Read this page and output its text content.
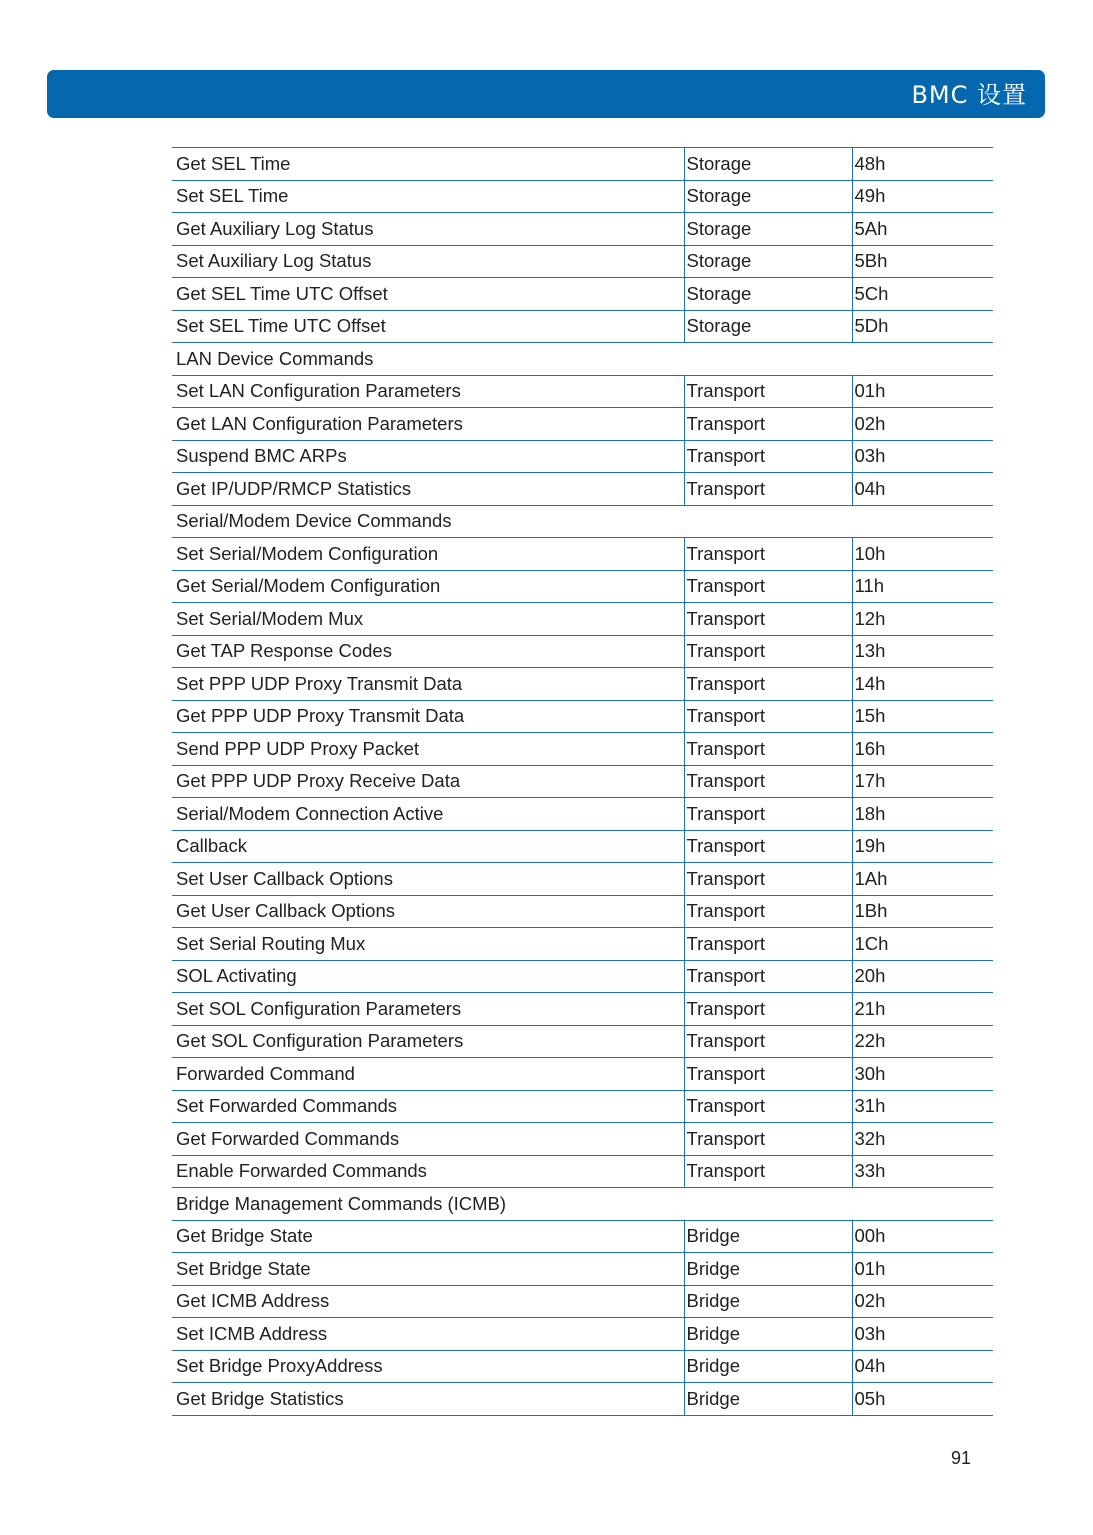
BMC 设置
Get SEL Time	Storage	48h
Set SEL Time	Storage	49h
Get Auxiliary Log Status	Storage	5Ah
Set Auxiliary Log Status	Storage	5Bh
Get SEL Time UTC Offset	Storage	5Ch
Set SEL Time UTC Offset	Storage	5Dh
LAN Device Commands		
Set LAN Configuration Parameters	Transport	01h
Get LAN Configuration Parameters	Transport	02h
Suspend BMC ARPs	Transport	03h
Get IP/UDP/RMCP Statistics	Transport	04h
Serial/Modem Device Commands		
Set Serial/Modem Configuration	Transport	10h
Get Serial/Modem Configuration	Transport	11h
Set Serial/Modem Mux	Transport	12h
Get TAP Response Codes	Transport	13h
Set PPP UDP Proxy Transmit Data	Transport	14h
Get PPP UDP Proxy Transmit Data	Transport	15h
Send PPP UDP Proxy Packet	Transport	16h
Get PPP UDP Proxy Receive Data	Transport	17h
Serial/Modem Connection Active	Transport	18h
Callback	Transport	19h
Set User Callback Options	Transport	1Ah
Get User Callback Options	Transport	1Bh
Set Serial Routing Mux	Transport	1Ch
SOL Activating	Transport	20h
Set SOL Configuration Parameters	Transport	21h
Get SOL Configuration Parameters	Transport	22h
Forwarded Command	Transport	30h
Set Forwarded Commands	Transport	31h
Get Forwarded Commands	Transport	32h
Enable Forwarded Commands	Transport	33h
Bridge Management Commands (ICMB)		
Get Bridge State	Bridge	00h
Set Bridge State	Bridge	01h
Get ICMB Address	Bridge	02h
Set ICMB Address	Bridge	03h
Set Bridge ProxyAddress	Bridge	04h
Get Bridge Statistics	Bridge	05h
91
